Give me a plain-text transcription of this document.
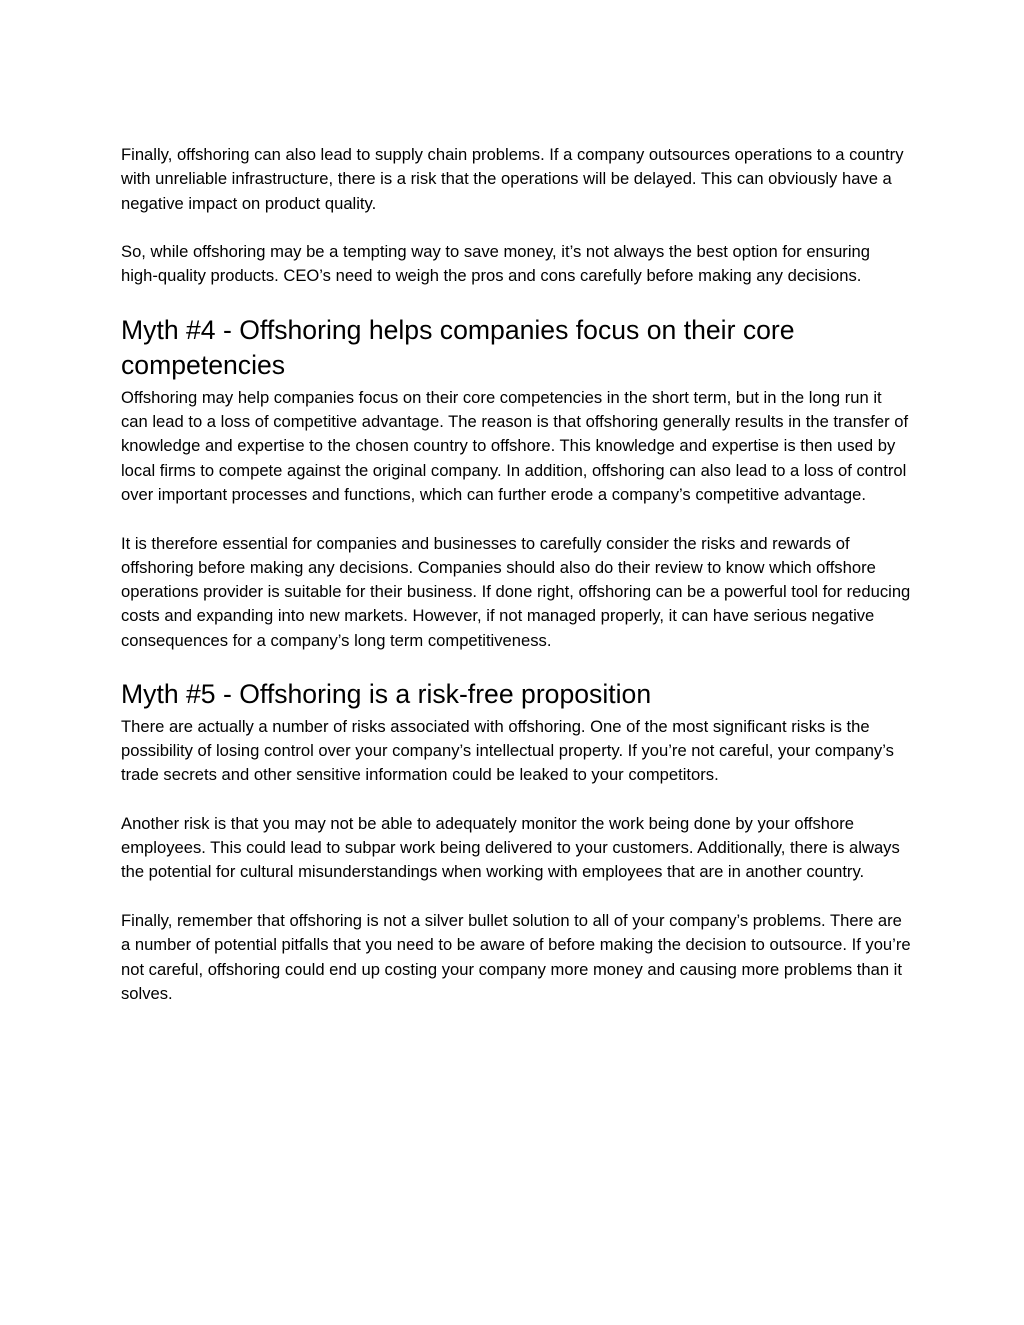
Finally, offshoring can also lead to supply chain problems. If a company outsources operations to a country with unreliable infrastructure, there is a risk that the operations will be delayed. This can obviously have a negative impact on product quality.

So, while offshoring may be a tempting way to save money, it’s not always the best option for ensuring high-quality products. CEO’s need to weigh the pros and cons carefully before making any decisions.

Myth #4 - Offshoring helps companies focus on their core competencies

Offshoring may help companies focus on their core competencies in the short term, but in the long run it can lead to a loss of competitive advantage. The reason is that offshoring generally results in the transfer of knowledge and expertise to the chosen country to offshore. This knowledge and expertise is then used by local firms to compete against the original company. In addition, offshoring can also lead to a loss of control over important processes and functions, which can further erode a company’s competitive advantage.

It is therefore essential for companies and businesses to carefully consider the risks and rewards of offshoring before making any decisions. Companies should also do their review to know which offshore operations provider is suitable for their business. If done right, offshoring can be a powerful tool for reducing costs and expanding into new markets. However, if not managed properly, it can have serious negative consequences for a company’s long term competitiveness.

Myth #5 - Offshoring is a risk-free proposition

There are actually a number of risks associated with offshoring. One of the most significant risks is the possibility of losing control over your company’s intellectual property. If you’re not careful, your company’s trade secrets and other sensitive information could be leaked to your competitors.

Another risk is that you may not be able to adequately monitor the work being done by your offshore employees. This could lead to subpar work being delivered to your customers. Additionally, there is always the potential for cultural misunderstandings when working with employees that are in another country.

Finally, remember that offshoring is not a silver bullet solution to all of your company’s problems. There are a number of potential pitfalls that you need to be aware of before making the decision to outsource. If you’re not careful, offshoring could end up costing your company more money and causing more problems than it solves.
